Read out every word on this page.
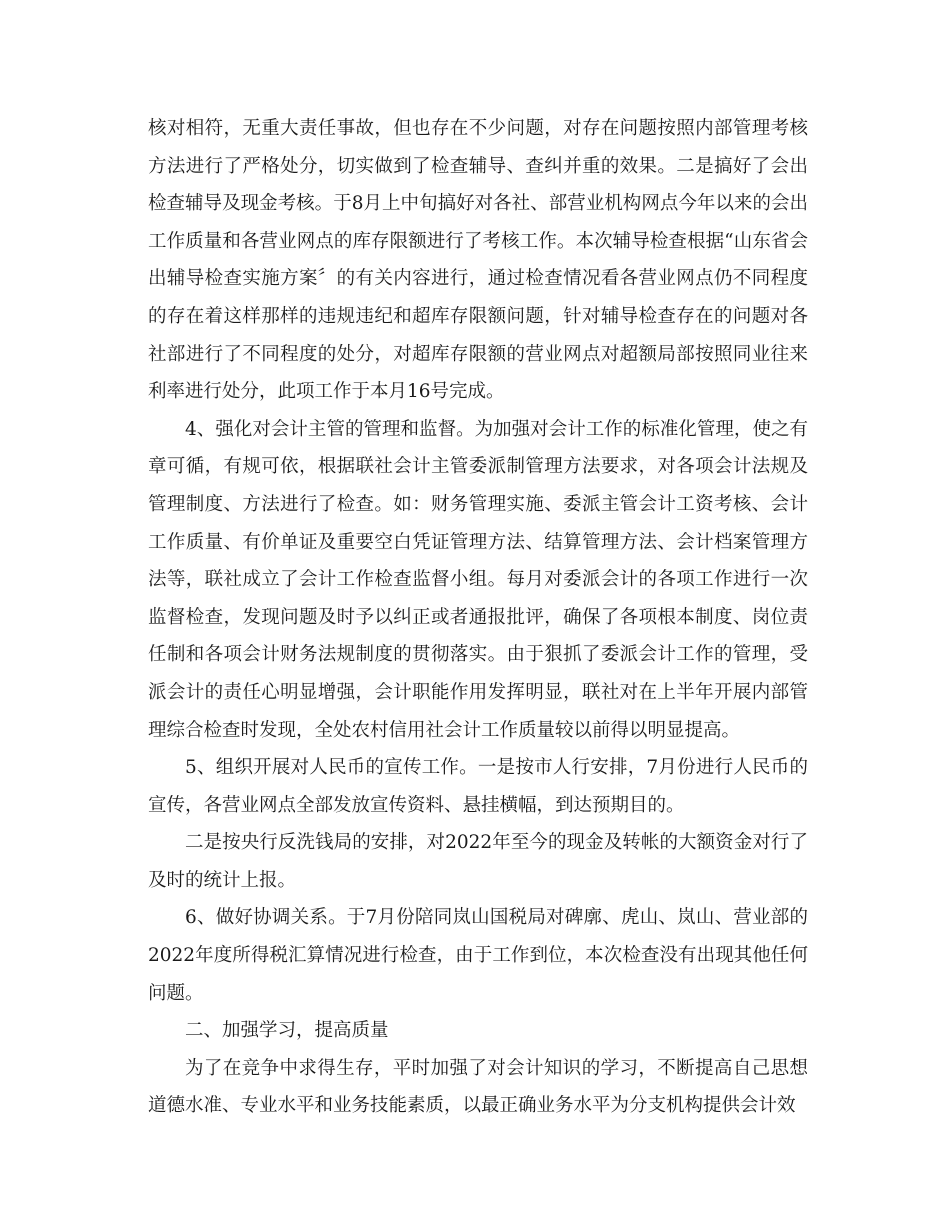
核对相符，无重大责任事故，但也存在不少问题，对存在问题按照内部管理考核方法进行了严格处分，切实做到了检查辅导、查纠并重的效果。二是搞好了会出检查辅导及现金考核。于8月上中旬搞好对各社、部营业机构网点今年以来的会出工作质量和各营业网点的库存限额进行了考核工作。本次辅导检查根据“山东省会出辅导检查实施方案〞的有关内容进行，通过检查情况看各营业网点仍不同程度的存在着这样那样的违规违纪和超库存限额问题，针对辅导检查存在的问题对各社部进行了不同程度的处分，对超库存限额的营业网点对超额局部按照同业往来利率进行处分，此项工作于本月16号完成。

4、强化对会计主管的管理和监督。为加强对会计工作的标准化管理，使之有章可循，有规可依，根据联社会计主管委派制管理方法要求，对各项会计法规及管理制度、方法进行了检查。如：财务管理实施、委派主管会计工资考核、会计工作质量、有价单证及重要空白凭证管理方法、结算管理方法、会计档案管理方法等，联社成立了会计工作检查监督小组。每月对委派会计的各项工作进行一次监督检查，发现问题及时予以纠正或者通报批评，确保了各项根本制度、岗位责任制和各项会计财务法规制度的贯彻落实。由于狠抓了委派会计工作的管理，受派会计的责任心明显增强，会计职能作用发挥明显，联社对在上半年开展内部管理综合检查时发现，全处农村信用社会计工作质量较以前得以明显提高。

5、组织开展对人民币的宣传工作。一是按市人行安排，7月份进行人民币的宣传，各营业网点全部发放宣传资料、悬挂横幅，到达预期目的。

二是按央行反洗钱局的安排，对2022年至今的现金及转帐的大额资金对行了及时的统计上报。

6、做好协调关系。于7月份陪同岚山国税局对碑廓、虎山、岚山、营业部的2022年度所得税汇算情况进行检查，由于工作到位，本次检查没有出现其他任何问题。

二、加强学习，提高质量

为了在竞争中求得生存，平时加强了对会计知识的学习，不断提高自己思想道德水准、专业水平和业务技能素质，以最正确业务水平为分支机构提供会计效
